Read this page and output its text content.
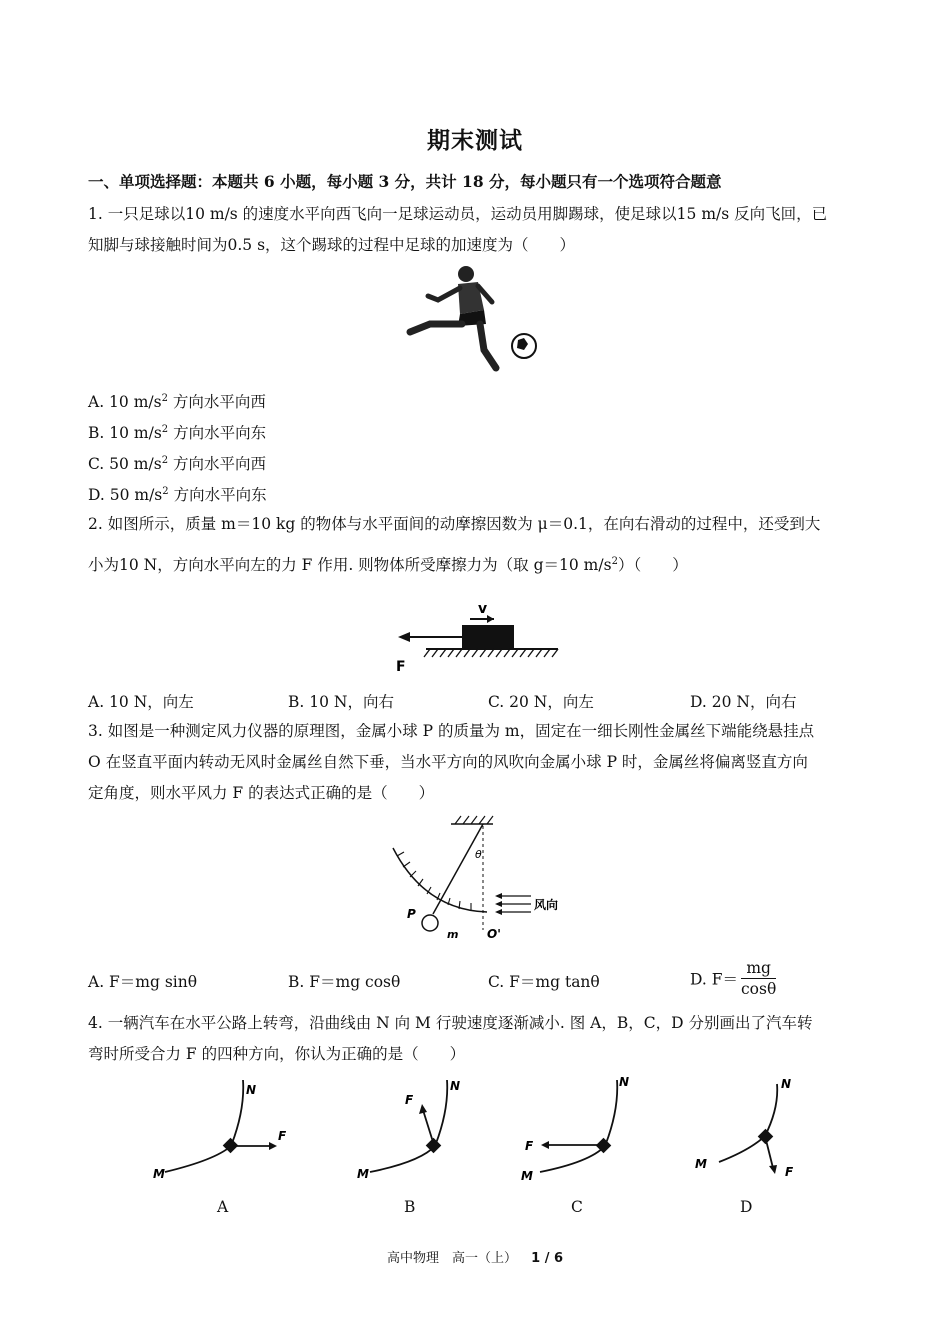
期末测试
一、单项选择题：本题共 6 小题，每小题 3 分，共计 18 分，每小题只有一个选项符合题意
1. 一只足球以10 m/s 的速度水平向西飞向一足球运动员，运动员用脚踢球，使足球以15 m/s 反向飞回，已
知脚与球接触时间为0.5 s，这个踢球的过程中足球的加速度为（　　）
A. 10 $m/s^2$ 方向水平向西
B. 10 $m/s^2$ 方向水平向东
C. 50 $m/s^2$ 方向水平向西
D. 50 $m/s^2$ 方向水平向东
2. 如图所示，质量 m＝10 kg 的物体与水平面间的动摩擦因数为 μ＝0.1，在向右滑动的过程中，还受到大
小为10 N，方向水平向左的力 F 作用. 则物体所受摩擦力为（取 g＝10 $m/s^2$）（　　）
v
F
A. 10 N，向左	B. 10 N，向右	C. 20 N，向左	D. 20 N，向右
3. 如图是一种测定风力仪器的原理图，金属小球 P 的质量为 m，固定在一细长刚性金属丝下端能绕悬挂点
O 在竖直平面内转动无风时金属丝自然下垂，当水平方向的风吹向金属小球 P 时，金属丝将偏离竖直方向
定角度，则水平风力 F 的表达式正确的是（　　）
θ
风向
P
m O'
A. F＝mg sinθ	B. F＝mg cosθ	C. F＝mg tanθ	D. $F= \frac{mg}{\cos\theta}$
4. 一辆汽车在水平公路上转弯，沿曲线由 N 向 M 行驶速度逐渐减小. 图 A，B，C，D 分别画出了汽车转
弯时所受合力 F 的四种方向，你认为正确的是（　　）
N
M
F
N
M
F
N
M
F
N
M
F
A	B	C	D
高中物理　高一（上） 1 / 6
